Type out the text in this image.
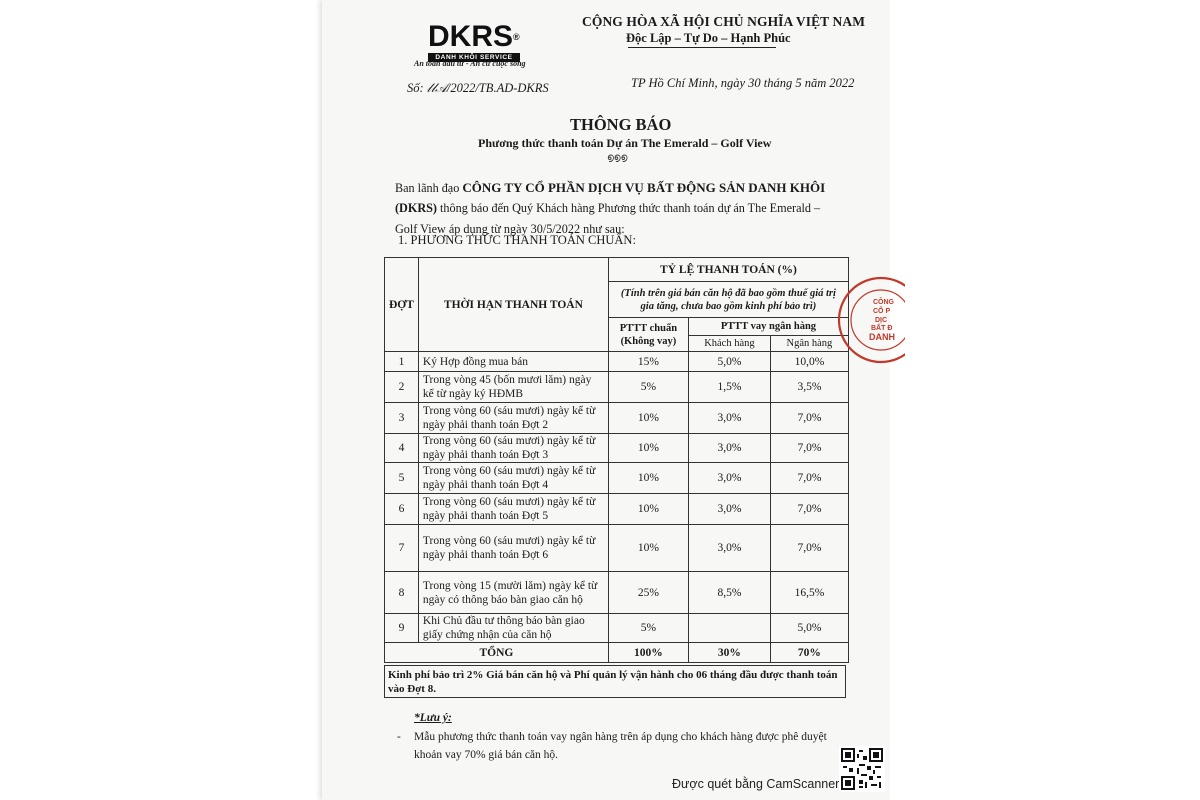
DKRS®
DANH KHÔI SERVICE
An toàn đầu tư - An cư cuộc sống
CỘNG HÒA XÃ HỘI CHỦ NGHĨA VIỆT NAM
Độc Lập – Tự Do – Hạnh Phúc
Số: 𝓁𝓁𝒜/2022/TB.AD-DKRS	TP Hồ Chí Minh, ngày 30 tháng 5 năm 2022
THÔNG BÁO
Phương thức thanh toán Dự án The Emerald – Golf View
൭൭൭
Ban lãnh đạo CÔNG TY CỔ PHẦN DỊCH VỤ BẤT ĐỘNG SẢN DANH KHÔI
(DKRS) thông báo đến Quý Khách hàng Phương thức thanh toán dự án The Emerald –
Golf View áp dụng từ ngày 30/5/2022 như sau:
1. PHƯƠNG THỨC THANH TOÁN CHUẨN:
ĐỢT	THỜI HẠN THANH TOÁN	TỶ LỆ THANH TOÁN (%)		
		(Tính trên giá bán căn hộ đã bao gồm thuế giá trị gia tăng, chưa bao gồm kinh phí bảo trì)		
		PTTT chuẩn (Không vay)	PTTT vay ngân hàng	
			Khách hàng	Ngân hàng
1	Ký Hợp đồng mua bán	15%	5,0%	10,0%
2	Trong vòng 45 (bốn mươi lăm) ngày kể từ ngày ký HĐMB	5%	1,5%	3,5%
3	Trong vòng 60 (sáu mươi) ngày kể từ ngày phải thanh toán Đợt 2	10%	3,0%	7,0%
4	Trong vòng 60 (sáu mươi) ngày kể từ ngày phải thanh toán Đợt 3	10%	3,0%	7,0%
5	Trong vòng 60 (sáu mươi) ngày kể từ ngày phải thanh toán Đợt 4	10%	3,0%	7,0%
6	Trong vòng 60 (sáu mươi) ngày kể từ ngày phải thanh toán Đợt 5	10%	3,0%	7,0%
7	Trong vòng 60 (sáu mươi) ngày kể từ ngày phải thanh toán Đợt 6	10%	3,0%	7,0%
8	Trong vòng 15 (mười lăm) ngày kể từ ngày có thông báo bàn giao căn hộ	25%	8,5%	16,5%
9	Khi Chủ đầu tư thông báo bàn giao giấy chứng nhận của căn hộ	5%		5,0%
TỔNG		100%	30%	70%
Kinh phí bảo trì 2% Giá bán căn hộ và Phí quản lý vận hành cho 06 tháng đầu được thanh toán vào Đợt 8.
*Lưu ý:
- Mẫu phương thức thanh toán vay ngân hàng trên áp dụng cho khách hàng được phê duyệt khoản vay 70% giá bán căn hộ.
CÔNG
CỔ P
DỊC
BẤT Đ
DANH
Được quét bằng CamScanner
